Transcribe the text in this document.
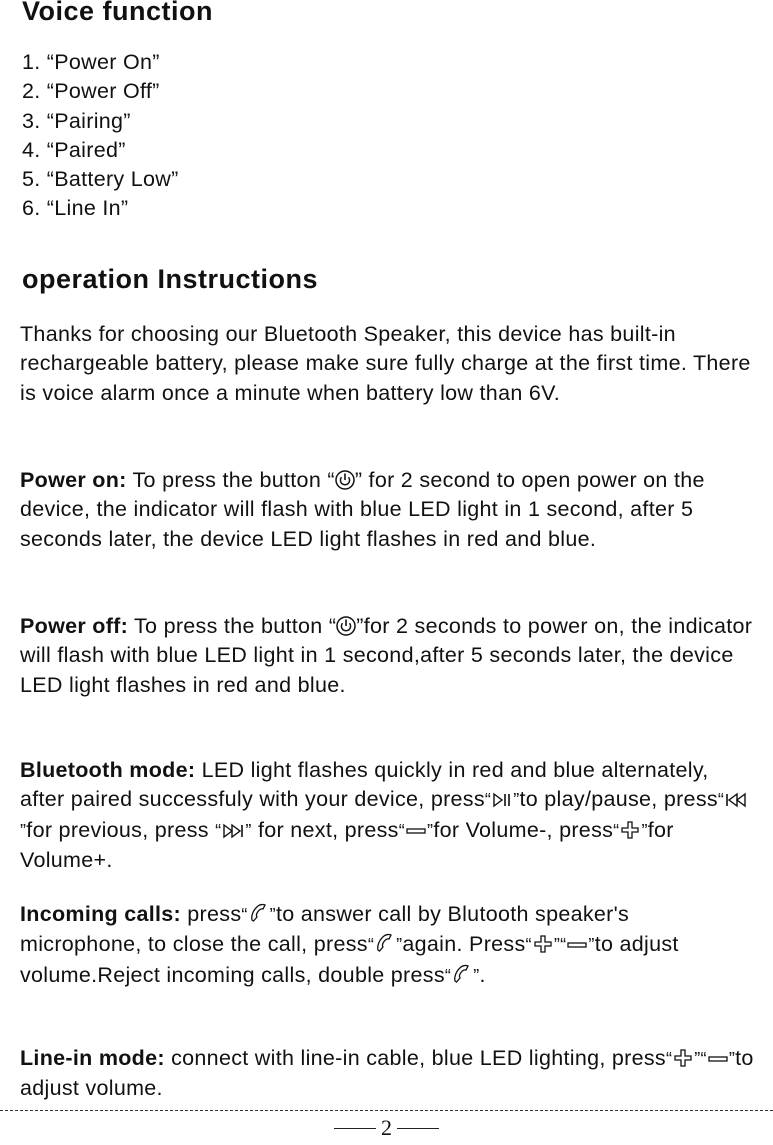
Voice function
1. “Power On”
2. “Power Off”
3. “Pairing”
4. “Paired”
5. “Battery Low”
6. “Line In”
operation Instructions

Thanks for choosing our Bluetooth Speaker, this device has built-in rechargeable battery, please make sure fully charge at the first time. There is voice alarm once a minute when battery low than 6V.

Power on: To press the button “ ” for 2 second to open power on the device, the indicator will flash with blue LED light in 1 second, after 5 seconds later, the device LED light flashes in red and blue.

Power off: To press the button “ ”for 2 seconds to power on, the indicator will flash with blue LED light in 1 second,after 5 seconds later, the device LED light flashes in red and blue.

Bluetooth mode: LED light flashes quickly in red and blue alternately, after paired successfuly with your device, press“ ”to play/pause, press“”for previous, press “ ” for next, press“ ”for Volume-, press“ ”for Volume+.

Incoming calls: press“ ”to answer call by Blutooth speaker's microphone, to close the call, press“ ”again. Press“ ”“ ”to adjust volume.Reject incoming calls, double press“ ”.

Line-in mode: connect with line-in cable, blue LED lighting, press“ ”“ ”to adjust volume.

2
